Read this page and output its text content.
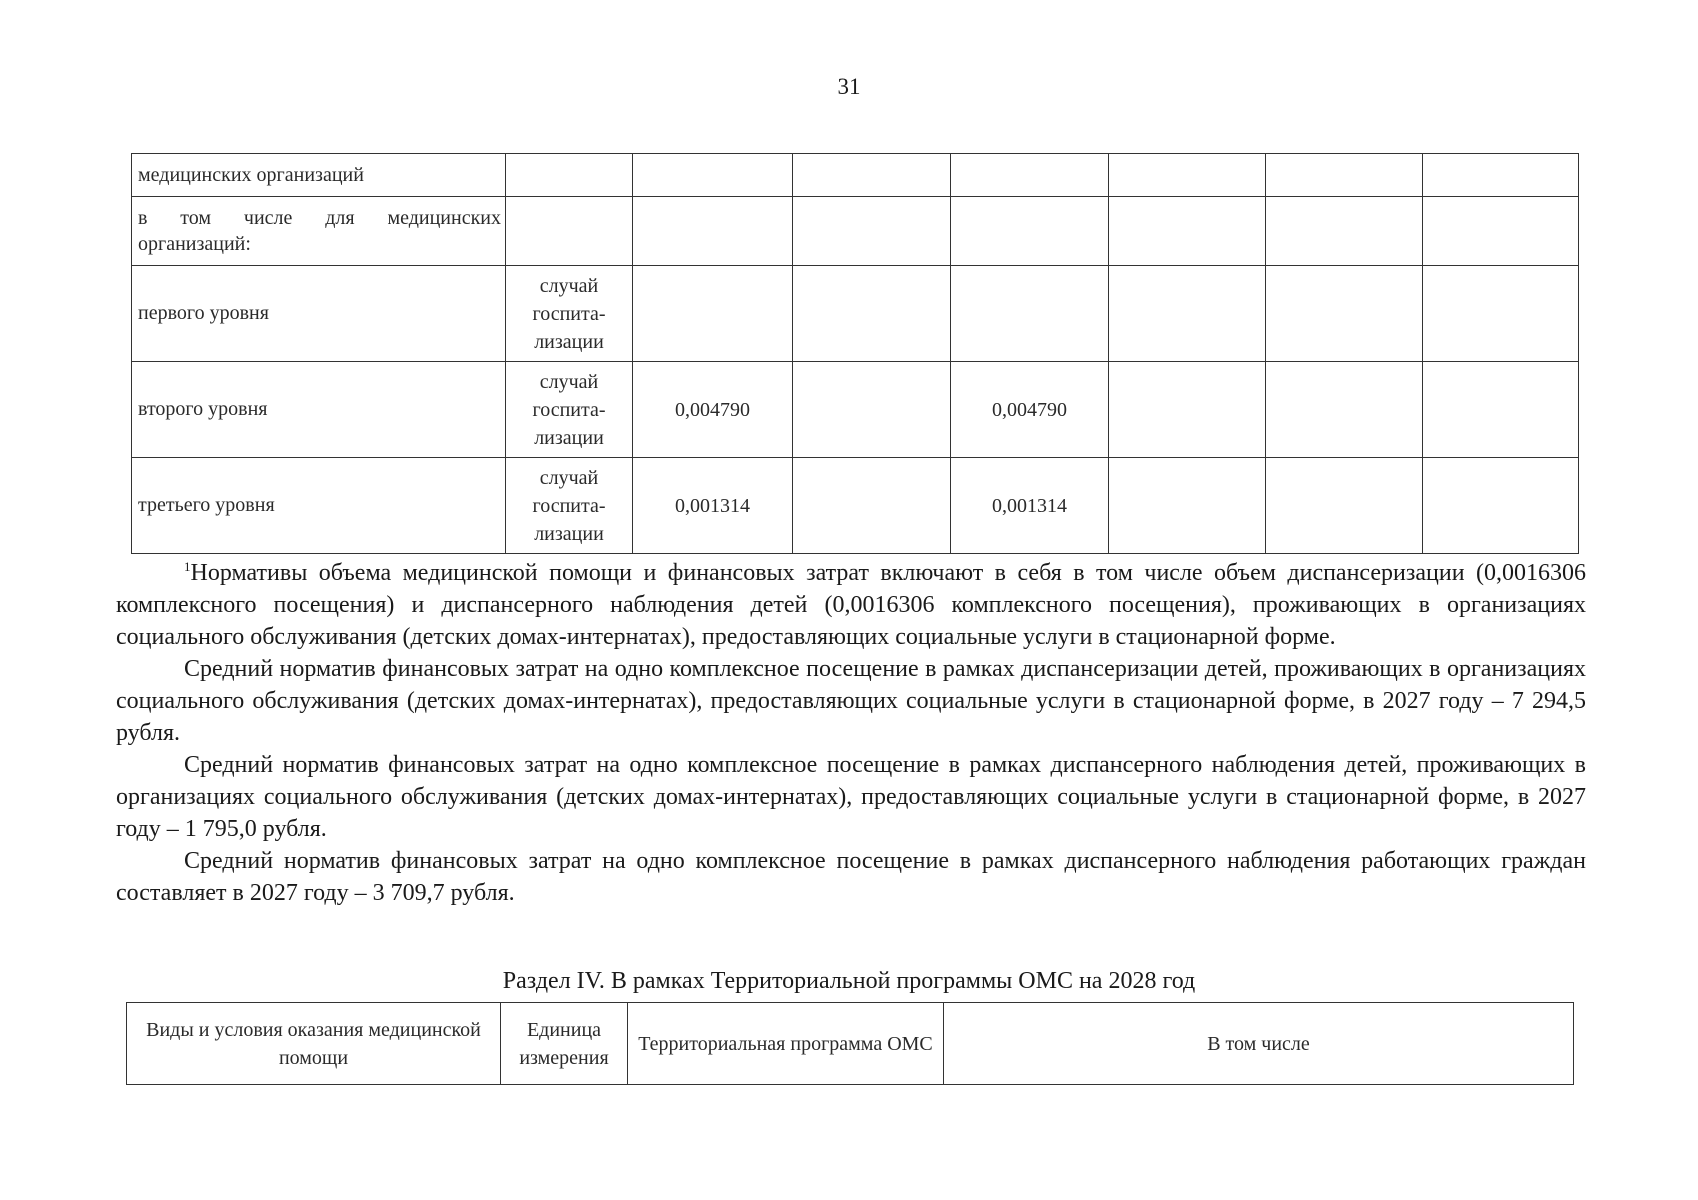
31
медицинских организаций							
в том числе для медицинских организаций:							
первого уровня	случай госпита-лизации						
второго уровня	случай госпита-лизации	0,004790		0,004790			
третьего уровня	случай госпита-лизации	0,001314		0,001314			

$^1$Нормативы объема медицинской помощи и финансовых затрат включают в себя в том числе объем диспансеризации (0,0016306 комплексного посещения) и диспансерного наблюдения детей (0,0016306 комплексного посещения), проживающих в организациях социального обслуживания (детских домах-интернатах), предоставляющих социальные услуги в стационарной форме.

Средний норматив финансовых затрат на одно комплексное посещение в рамках диспансеризации детей, проживающих в организациях социального обслуживания (детских домах-интернатах), предоставляющих социальные услуги в стационарной форме, в 2027 году – 7 294,5 рубля.

Средний норматив финансовых затрат на одно комплексное посещение в рамках диспансерного наблюдения детей, проживающих в организациях социального обслуживания (детских домах-интернатах), предоставляющих социальные услуги в стационарной форме, в 2027 году – 1 795,0 рубля.

Средний норматив финансовых затрат на одно комплексное посещение в рамках диспансерного наблюдения работающих граждан составляет в 2027 году – 3 709,7 рубля.

Раздел IV. В рамках Территориальной программы ОМС на 2028 год
Виды и условия оказания медицинской помощи	Единица измерения	Территориальная программа ОМС	В том числе
